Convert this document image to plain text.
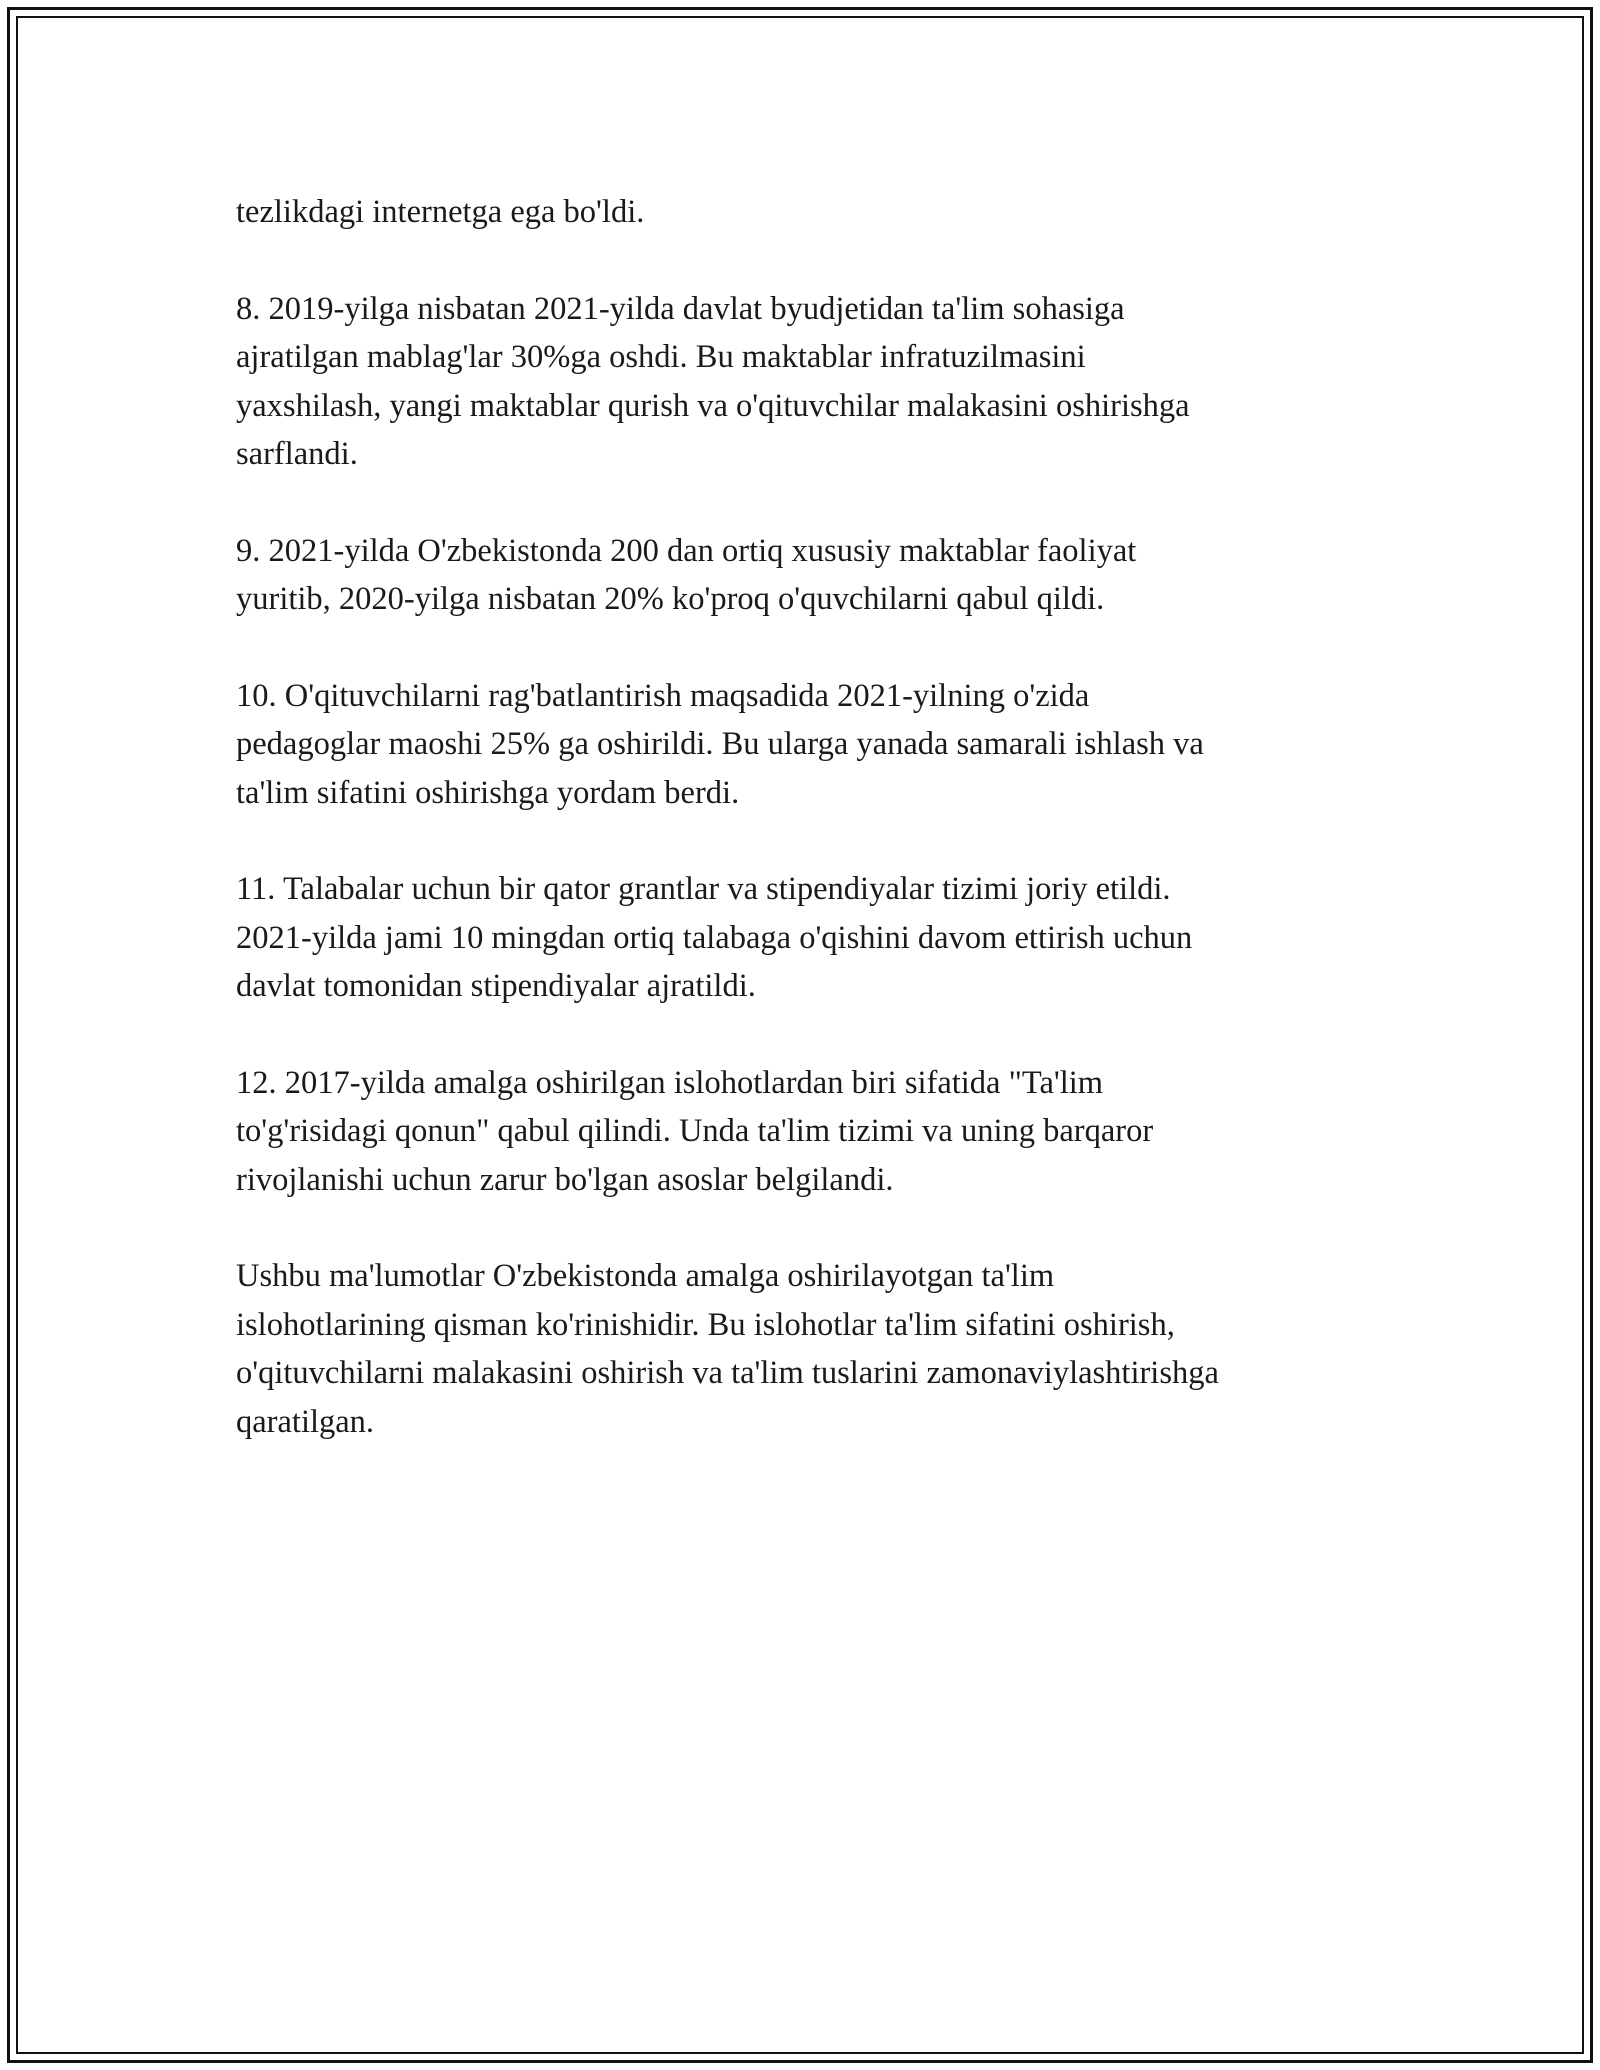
tezlikdagi internetga ega bo'ldi.

8. 2019-yilga nisbatan 2021-yilda davlat byudjetidan ta'lim sohasiga
ajratilgan mablag'lar 30%ga oshdi. Bu maktablar infratuzilmasini
yaxshilash, yangi maktablar qurish va o'qituvchilar malakasini oshirishga
sarflandi.

9. 2021-yilda O'zbekistonda 200 dan ortiq xususiy maktablar faoliyat
yuritib, 2020-yilga nisbatan 20% ko'proq o'quvchilarni qabul qildi.

10. O'qituvchilarni rag'batlantirish maqsadida 2021-yilning o'zida
pedagoglar maoshi 25% ga oshirildi. Bu ularga yanada samarali ishlash va
ta'lim sifatini oshirishga yordam berdi.

11. Talabalar uchun bir qator grantlar va stipendiyalar tizimi joriy etildi.
2021-yilda jami 10 mingdan ortiq talabaga o'qishini davom ettirish uchun
davlat tomonidan stipendiyalar ajratildi.

12. 2017-yilda amalga oshirilgan islohotlardan biri sifatida "Ta'lim
to'g'risidagi qonun" qabul qilindi. Unda ta'lim tizimi va uning barqaror
rivojlanishi uchun zarur bo'lgan asoslar belgilandi.

Ushbu ma'lumotlar O'zbekistonda amalga oshirilayotgan ta'lim
islohotlarining qisman ko'rinishidir. Bu islohotlar ta'lim sifatini oshirish,
o'qituvchilarni malakasini oshirish va ta'lim tuslarini zamonaviylashtirishga
qaratilgan.
